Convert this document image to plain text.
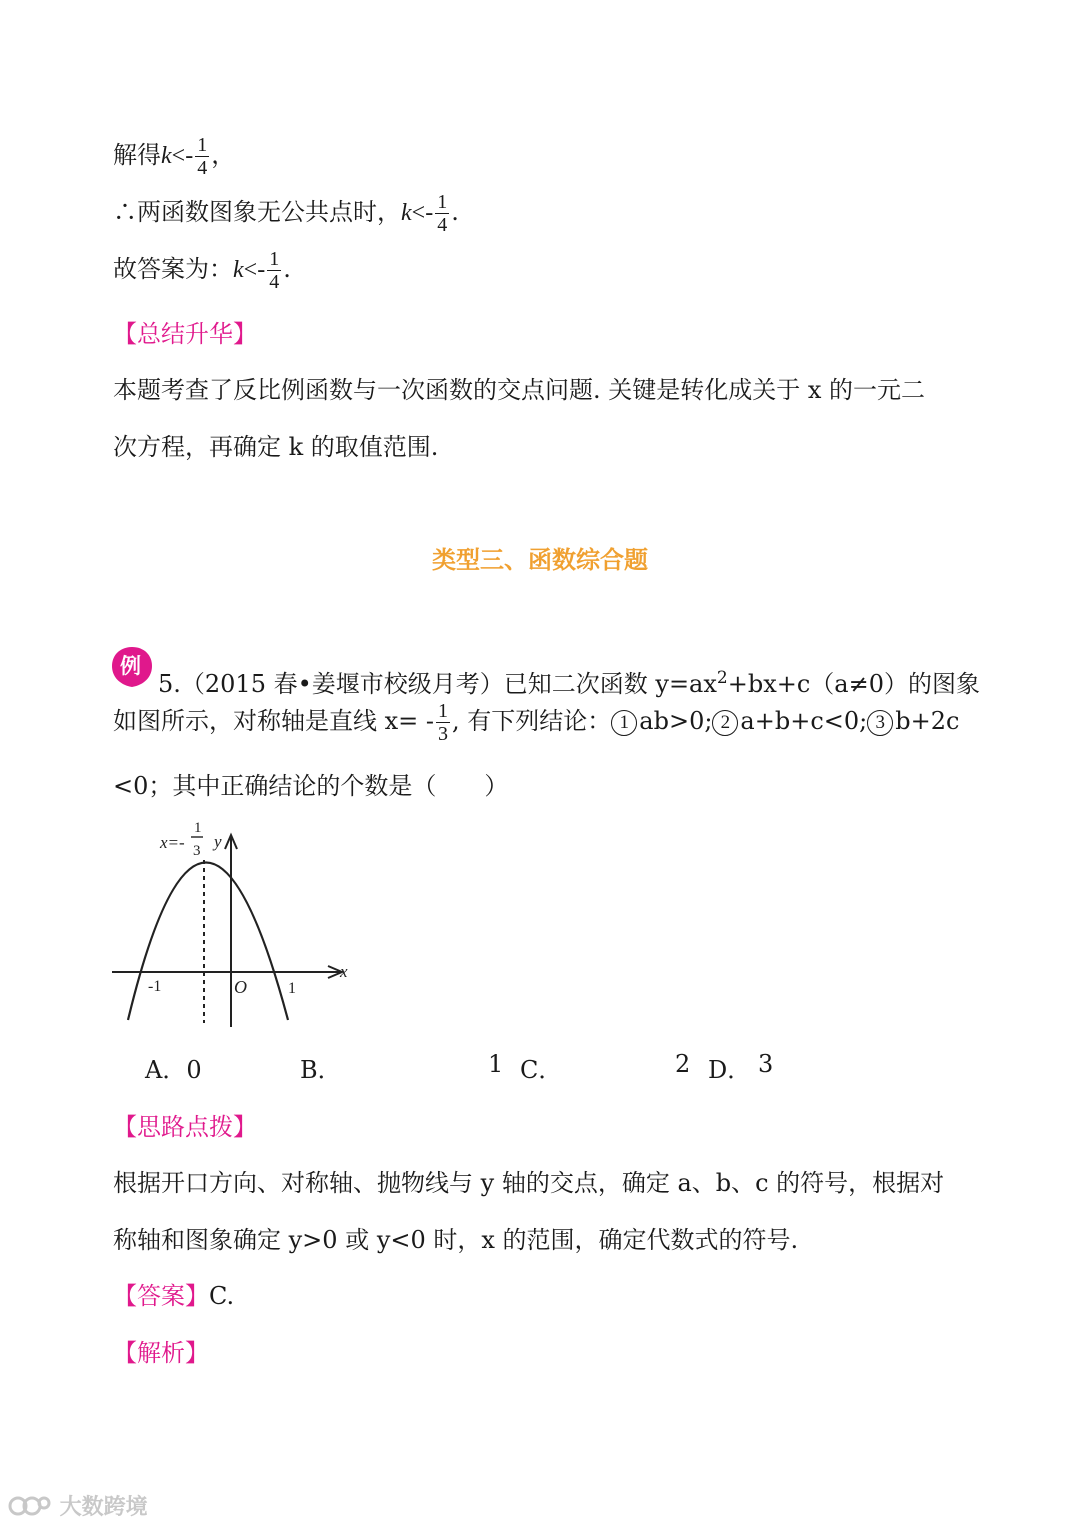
解得$k<- \frac{1}{4}$ ，
∴两函数图象无公共点时，$k<- \frac{1}{4}$ .
故答案为：$k<- \frac{1}{4}$ .
【总结升华】
本题考查了反比例函数与一次函数的交点问题. 关键是转化成关于 x 的一元二
次方程，再确定 k 的取值范围.
类型三、函数综合题
例
5.（2015 春•姜堰市校级月考）已知二次函数 $y=ax^2+bx+c(a\ne 0)$的图象
如图所示，对称轴是直线 $x= - \frac{1}{3}$ , 有下列结论： 1 ab>0; 2 a+b+c<0; 3 b+2c
<0；其中正确结论的个数是（　　）
x=-
1
3 y
x
O
-1	1
A．0	B．	1 C．	2 D． 3
【思路点拨】
根据开口方向、对称轴、抛物线与 y 轴的交点，确定 a、b、c 的符号，根据对
称轴和图象确定 y>0 或 y<0 时，x 的范围，确定代数式的符号.
【答案】C.
【解析】
大数跨境
